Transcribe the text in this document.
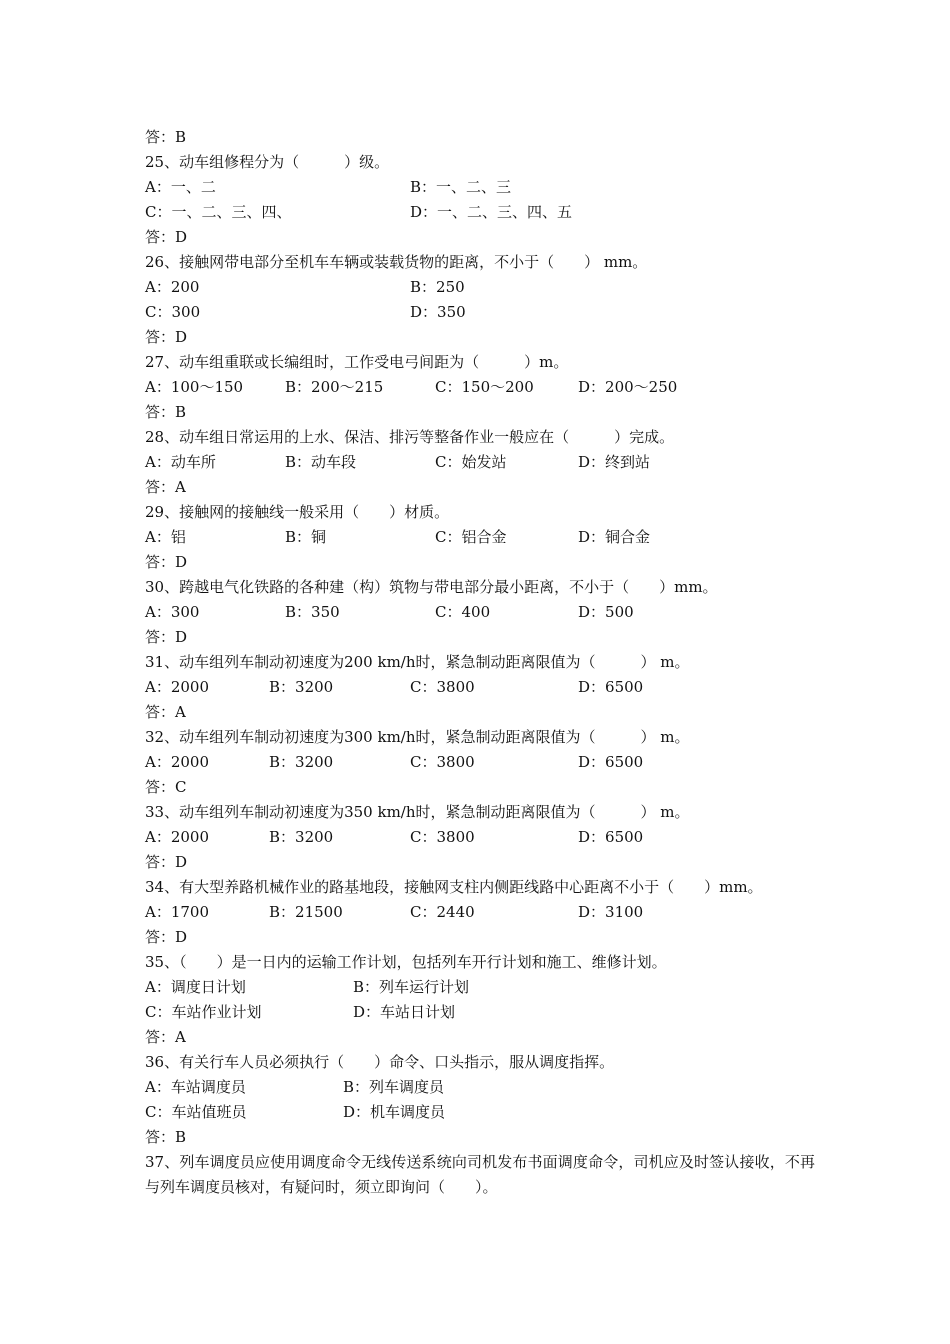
答：B
25、动车组修程分为（　　　）级。
A：一、二	B：一、二、三
C：一、二、三、四、	D：一、二、三、四、五
答：D
26、接触网带电部分至机车车辆或装载货物的距离，不小于（　　） mm。
A：200	B：250
C：300	D：350
答：D
27、动车组重联或长编组时，工作受电弓间距为（　　　）m。
A：100～150	B：200～215	C：150～200	D：200～250
答：B
28、动车组日常运用的上水、保洁、排污等整备作业一般应在（　　　）完成。
A：动车所	B：动车段	C：始发站	D：终到站
答：A
29、接触网的接触线一般采用（　　）材质。
A：铝	B：铜	C：铝合金	D：铜合金
答：D
30、跨越电气化铁路的各种建（构）筑物与带电部分最小距离，不小于（　　）mm。
A：300	B：350	C：400	D：500
答：D
31、动车组列车制动初速度为200 km/h时，紧急制动距离限值为（　　　） m。
A：2000	B：3200	C：3800	D：6500
答：A
32、动车组列车制动初速度为300 km/h时，紧急制动距离限值为（　　　） m。
A：2000	B：3200	C：3800	D：6500
答：C
33、动车组列车制动初速度为350 km/h时，紧急制动距离限值为（　　　） m。
A：2000	B：3200	C：3800	D：6500
答：D
34、有大型养路机械作业的路基地段，接触网支柱内侧距线路中心距离不小于（　　）mm。
A：1700	B：21500	C：2440	D：3100
答：D
35、（　　）是一日内的运输工作计划，包括列车开行计划和施工、维修计划。
A：调度日计划	B：列车运行计划
C：车站作业计划	D：车站日计划
答：A
36、有关行车人员必须执行（　　）命令、口头指示，服从调度指挥。
A：车站调度员	B：列车调度员
C：车站值班员	D：机车调度员
答：B
37、列车调度员应使用调度命令无线传送系统向司机发布书面调度命令，司机应及时签认接收，不再与列车调度员核对，有疑问时，须立即询问（　　）。
